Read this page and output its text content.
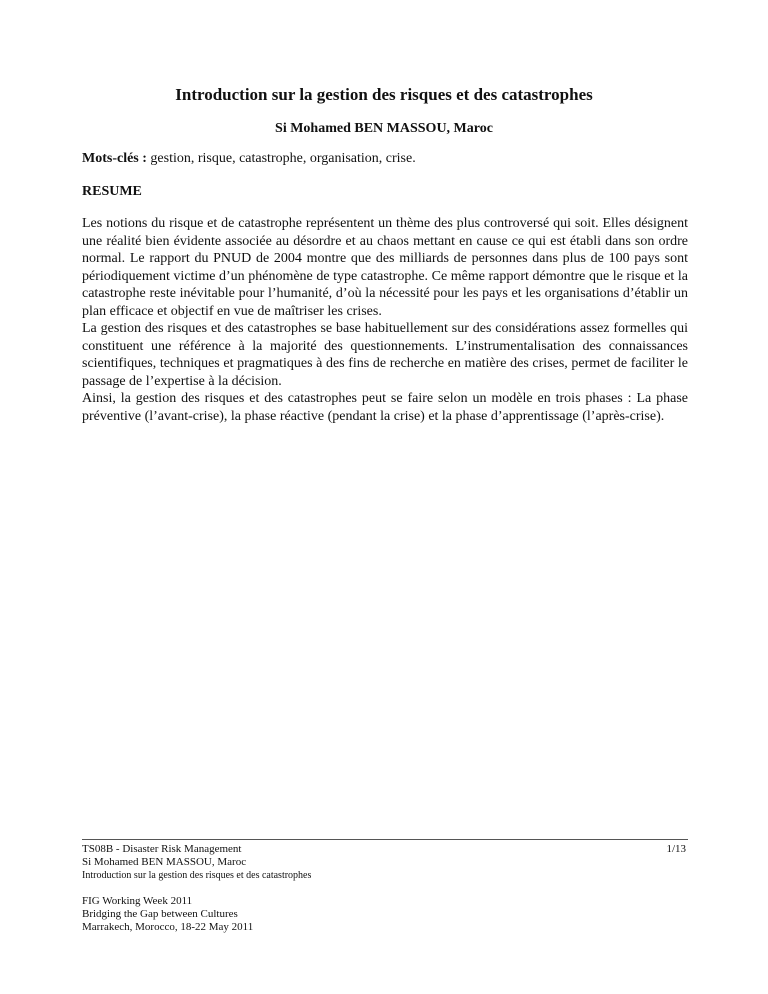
Introduction sur la gestion des risques et des catastrophes
Si Mohamed BEN MASSOU, Maroc
Mots-clés : gestion, risque, catastrophe, organisation, crise.
RESUME

Les notions du risque et de catastrophe représentent un thème des plus controversé qui soit. Elles désignent une réalité bien évidente associée au désordre et au chaos mettant en cause ce qui est établi dans son ordre normal. Le rapport du PNUD de 2004 montre que des milliards de personnes dans plus de 100 pays sont périodiquement victime d’un phénomène de type catastrophe. Ce même rapport démontre que le risque et la catastrophe reste inévitable pour l’humanité, d’où la nécessité pour les pays et les organisations d’établir un plan efficace et objectif en vue de maîtriser les crises.

La gestion des risques et des catastrophes se base habituellement sur des considérations assez formelles qui constituent une référence à la majorité des questionnements. L’instrumentalisation des connaissances scientifiques, techniques et pragmatiques à des fins de recherche en matière des crises, permet de faciliter le passage de l’expertise à la décision.

Ainsi, la gestion des risques et des catastrophes peut se faire selon un modèle en trois phases : La phase préventive (l’avant-crise), la phase réactive (pendant la crise) et la phase d’apprentissage (l’après-crise).

TS08B - Disaster Risk Management
Si Mohamed BEN MASSOU, Maroc
Introduction sur la gestion des risques et des catastrophes
FIG Working Week 2011
Bridging the Gap between Cultures
Marrakech, Morocco, 18-22 May 2011
1/13
